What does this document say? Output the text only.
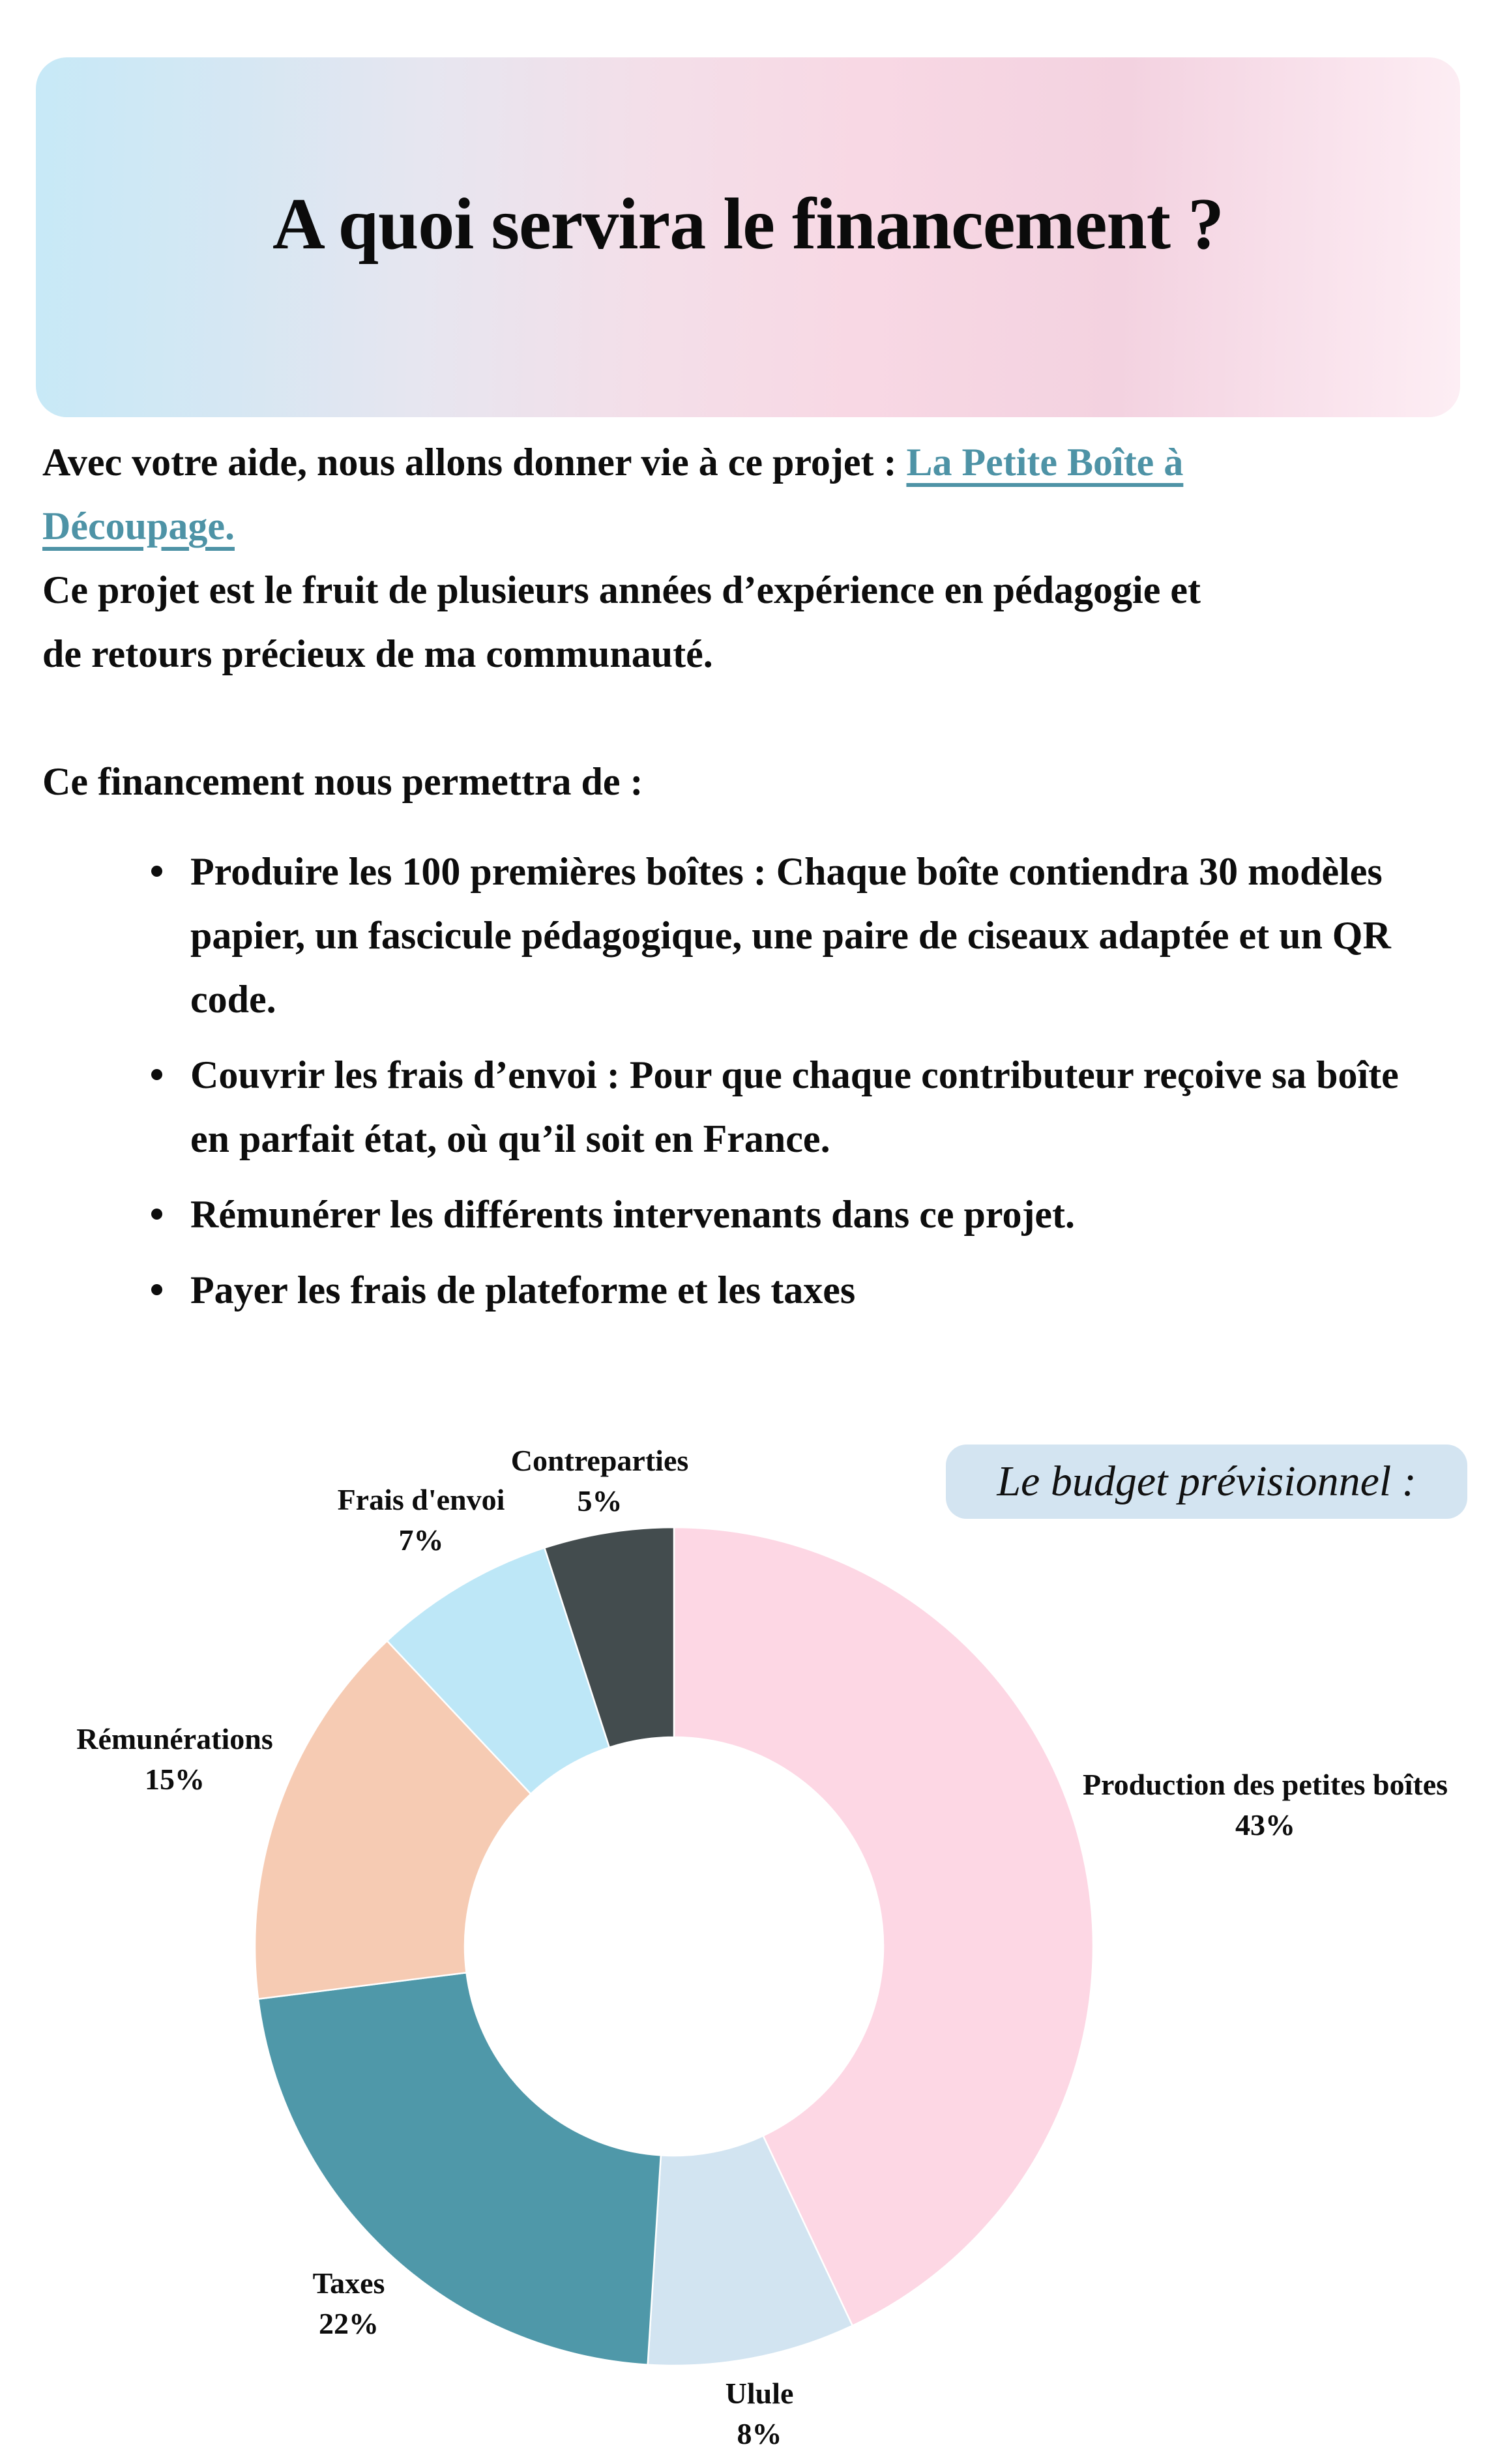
A quoi servira le financement ?
Avec votre aide, nous allons donner vie à ce projet : La Petite Boîte à
Découpage.
Ce projet est le fruit de plusieurs années d’expérience en pédagogie et
de retours précieux de ma communauté.
Ce financement nous permettra de :
Produire les 100 premières boîtes : Chaque boîte contiendra 30 modèles papier, un fascicule pédagogique, une paire de ciseaux adaptée et un QR code.
Couvrir les frais d’envoi : Pour que chaque contributeur reçoive sa boîte en parfait état, où qu’il soit en France.
Rémunérer les différents intervenants dans ce projet.
Payer les frais de plateforme et les taxes
Le budget prévisionnel :
Contreparties
5%
Frais d'envoi
7%
Rémunérations
15%	Production des petites boîtes
43%
Taxes
22%
Ulule
8%
